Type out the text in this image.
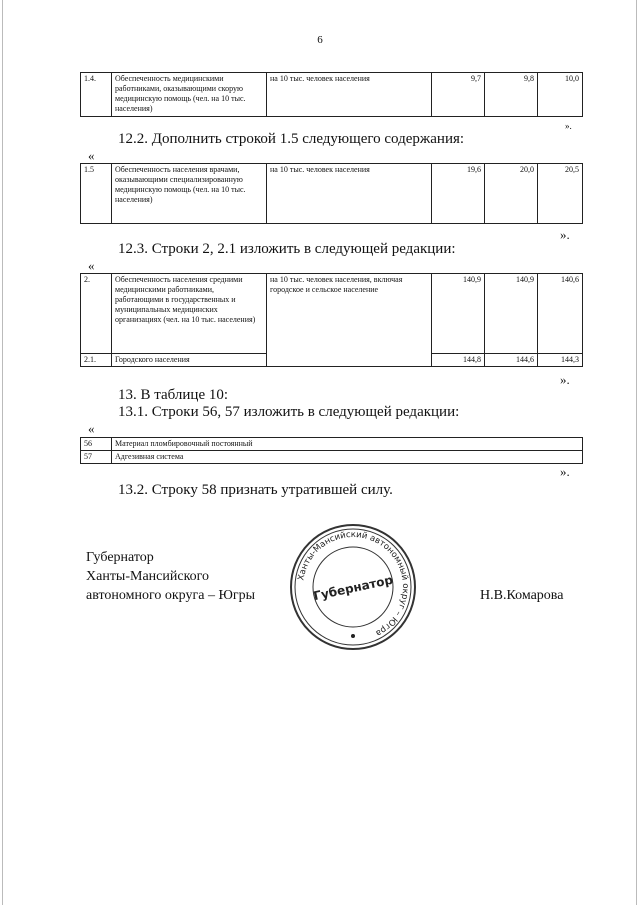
6
1.4.	Обеспеченность медицинскими работниками, оказывающими скорую медицинскую помощь (чел. на 10 тыс. населения)	на 10 тыс. человек населения	9,7	9,8	10,0
».
12.2. Дополнить строкой 1.5 следующего содержания:
«
1.5	Обеспеченность населения врачами, оказывающими специализированную медицинскую помощь (чел. на 10 тыс. населения)	на 10 тыс. человек населения	19,6	20,0	20,5
».
12.3. Строки 2, 2.1 изложить в следующей редакции:
«
2.	Обеспеченность населения средними медицинскими работниками, работающими в государственных и муниципальных медицинских организациях (чел. на 10 тыс. населения)	на 10 тыс. человек населения, включая городское и сельское население	140,9	140,9	140,6
2.1.	Городского населения		144,8	144,6	144,3
».
13. В таблице 10:
13.1. Строки 56, 57 изложить в следующей редакции:
«
56	Материал пломбировочный постоянный
57	Адгезивная система
».
13.2. Строку 58 признать утратившей силу.
Губернатор
Ханты-Мансийского
автономного округа – Югры	Н.В.Комарова
Ханты-Мансийский автономный округ – Югра
Губернатор
